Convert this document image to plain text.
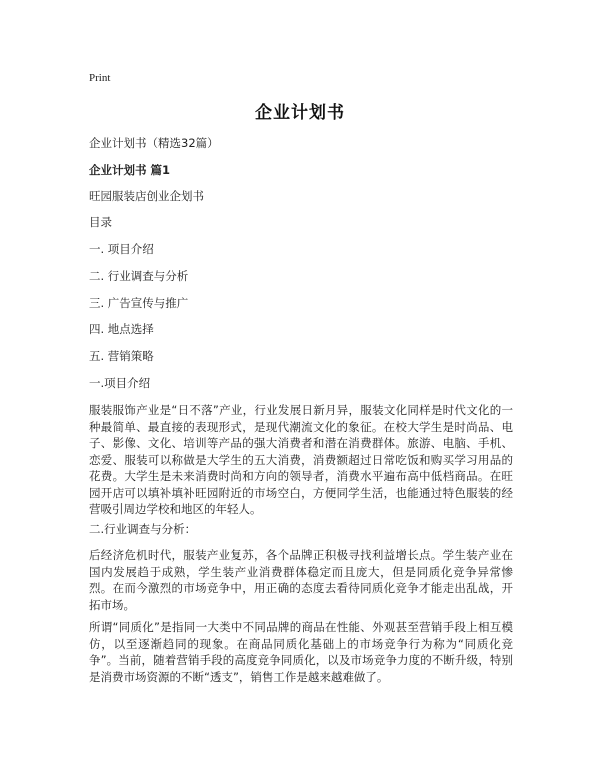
Print
企业计划书
企业计划书（精选32篇）
企业计划书 篇1
旺园服装店创业企划书
目录
一. 项目介绍
二. 行业调查与分析
三. 广告宣传与推广
四. 地点选择
五. 营销策略
一.项目介绍
服装服饰产业是“日不落”产业，行业发展日新月异，服装文化同样是时代文化的一种最简单、最直接的表现形式，是现代潮流文化的象征。在校大学生是时尚品、电子、影像、文化、培训等产品的强大消费者和潜在消费群体。旅游、电脑、手机、恋爱、服装可以称做是大学生的五大消费，消费额超过日常吃饭和购买学习用品的花费。大学生是未来消费时尚和方向的领导者，消费水平遍布高中低档商品。在旺园开店可以填补填补旺园附近的市场空白，方便同学生活，也能通过特色服装的经营吸引周边学校和地区的年轻人。
二.行业调查与分析：
后经济危机时代，服装产业复苏，各个品牌正积极寻找利益增长点。学生装产业在国内发展趋于成熟，学生装产业消费群体稳定而且庞大，但是同质化竞争异常惨烈。在而今激烈的市场竞争中，用正确的态度去看待同质化竞争才能走出乱战，开拓市场。
所谓“同质化”是指同一大类中不同品牌的商品在性能、外观甚至营销手段上相互模仿，以至逐渐趋同的现象。在商品同质化基础上的市场竞争行为称为“同质化竞争”。当前，随着营销手段的高度竞争同质化，以及市场竞争力度的不断升级，特别是消费市场资源的不断“透支”，销售工作是越来越难做了。
